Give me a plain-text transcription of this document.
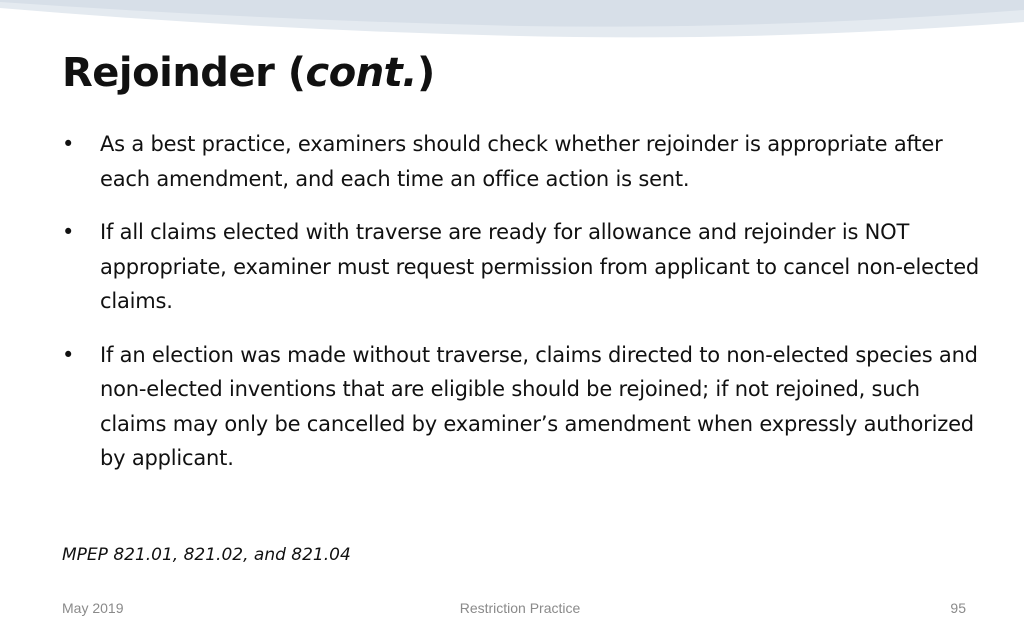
Rejoinder (cont.)
• As a best practice, examiners should check whether rejoinder is appropriate after each amendment, and each time an office action is sent.
• If all claims elected with traverse are ready for allowance and rejoinder is NOT appropriate, examiner must request permission from applicant to cancel non-elected claims.
• If an election was made without traverse, claims directed to non-elected species and non-elected inventions that are eligible should be rejoined; if not rejoined, such claims may only be cancelled by examiner’s amendment when expressly authorized by applicant.
MPEP 821.01, 821.02, and 821.04
May 2019	Restriction Practice	95
